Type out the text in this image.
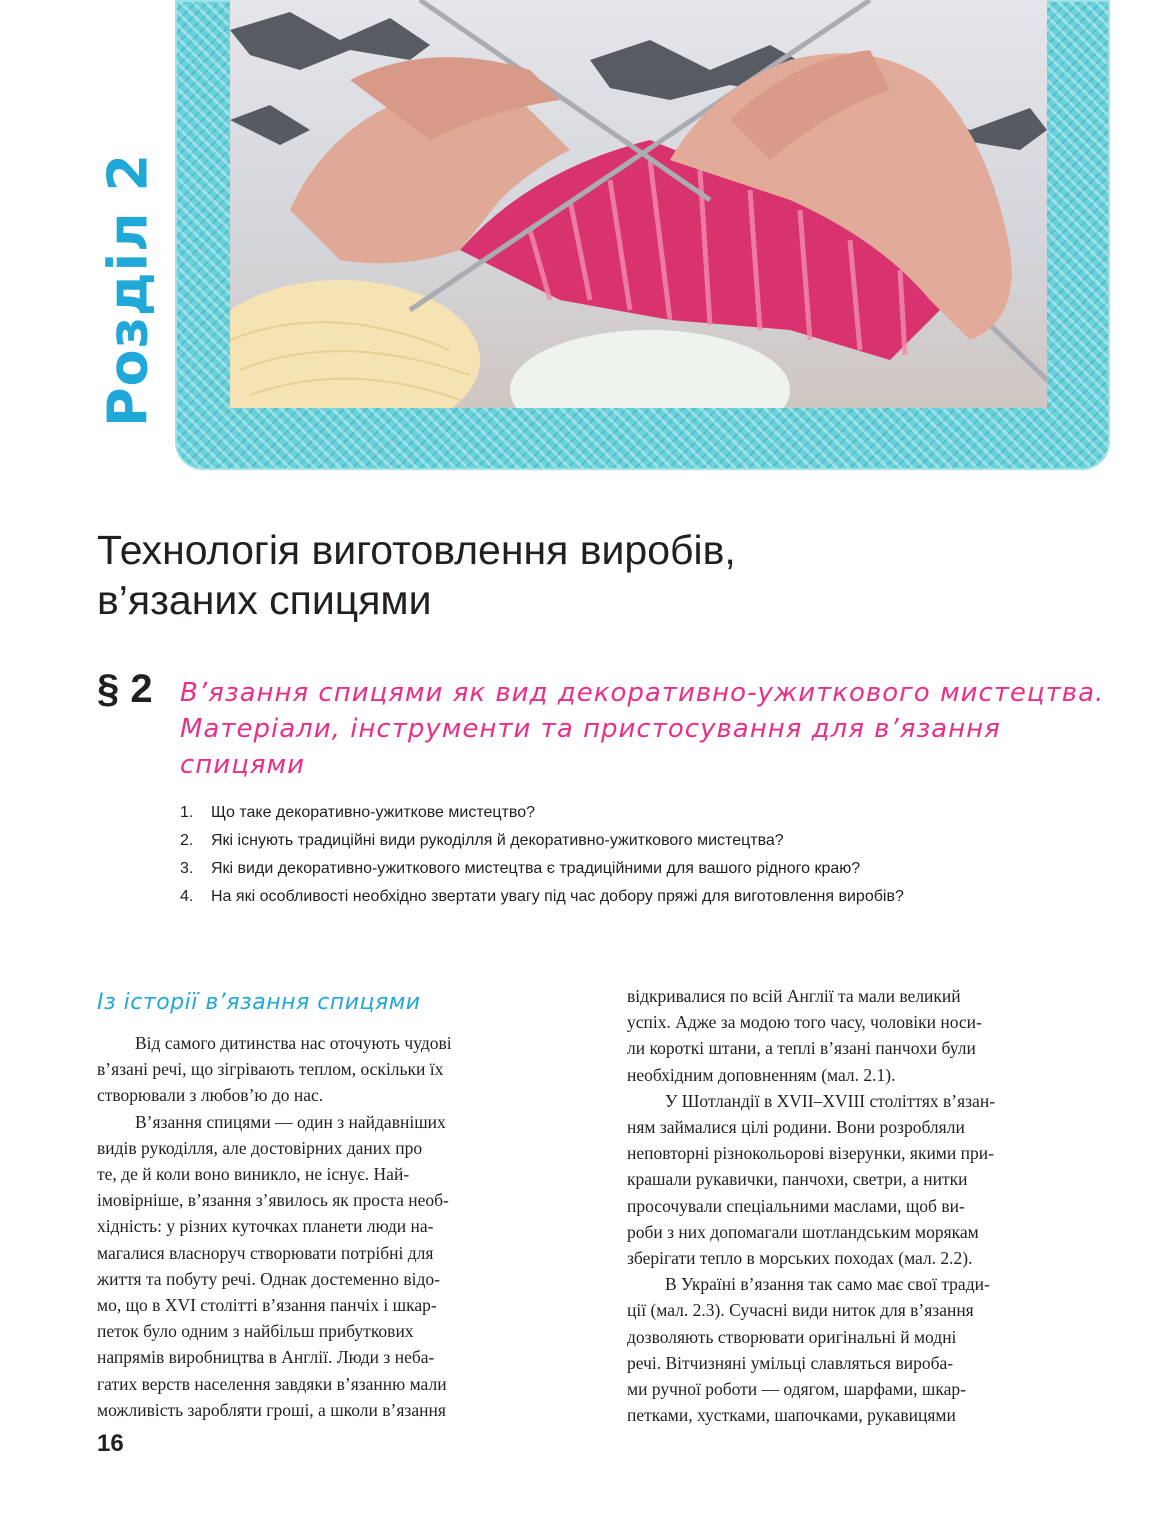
Розділ 2
Технологія виготовлення виробів,
в’язаних спицями
§ 2 В’язання спицями як вид декоративно-ужиткового мистецтва.
Матеріали, інструменти та пристосування для в’язання
спицями
1. Що таке декоративно-ужиткове мистецтво?
2. Які існують традиційні види рукоділля й декоративно-ужиткового мистецтва?
3. Які види декоративно-ужиткового мистецтва є традиційними для вашого рідного краю?
4. На які особливості необхідно звертати увагу під час добору пряжі для виготовлення виробів?
Із історії в’язання спицями
Від самого дитинства нас оточують чудові
в’язані речі, що зігрівають теплом, оскільки їх
створювали з любов’ю до нас.
В’язання спицями — один з найдавніших
видів рукоділля, але достовірних даних про
те, де й коли воно виникло, не існує. Най-
імовірніше, в’язання з’явилось як проста необ-
хідність: у різних куточках планети люди на-
магалися власноруч створювати потрібні для
життя та побуту речі. Однак достеменно відо-
мо, що в XVI столітті в’язання панчіх і шкар-
петок було одним з найбільш прибуткових
напрямів виробництва в Англії. Люди з неба-
гатих верств населення завдяки в’язанню мали
можливість заробляти гроші, а школи в’язання
відкривалися по всій Англії та мали великий
успіх. Адже за модою того часу, чоловіки носи-
ли короткі штани, а теплі в’язані панчохи були
необхідним доповненням (мал. 2.1).
У Шотландії в XVII–XVIII століттях в’язан-
ням займалися цілі родини. Вони розробляли
неповторні різнокольорові візерунки, якими при-
крашали рукавички, панчохи, светри, а нитки
просочували спеціальними маслами, щоб ви-
роби з них допомагали шотландським морякам
зберігати тепло в морських походах (мал. 2.2).
В Україні в’язання так само має свої тради-
ції (мал. 2.3). Сучасні види ниток для в’язання
дозволяють створювати оригінальні й модні
речі. Вітчизняні умільці славляться вироба-
ми ручної роботи — одягом, шарфами, шкар-
петками, хустками, шапочками, рукавицями
16
